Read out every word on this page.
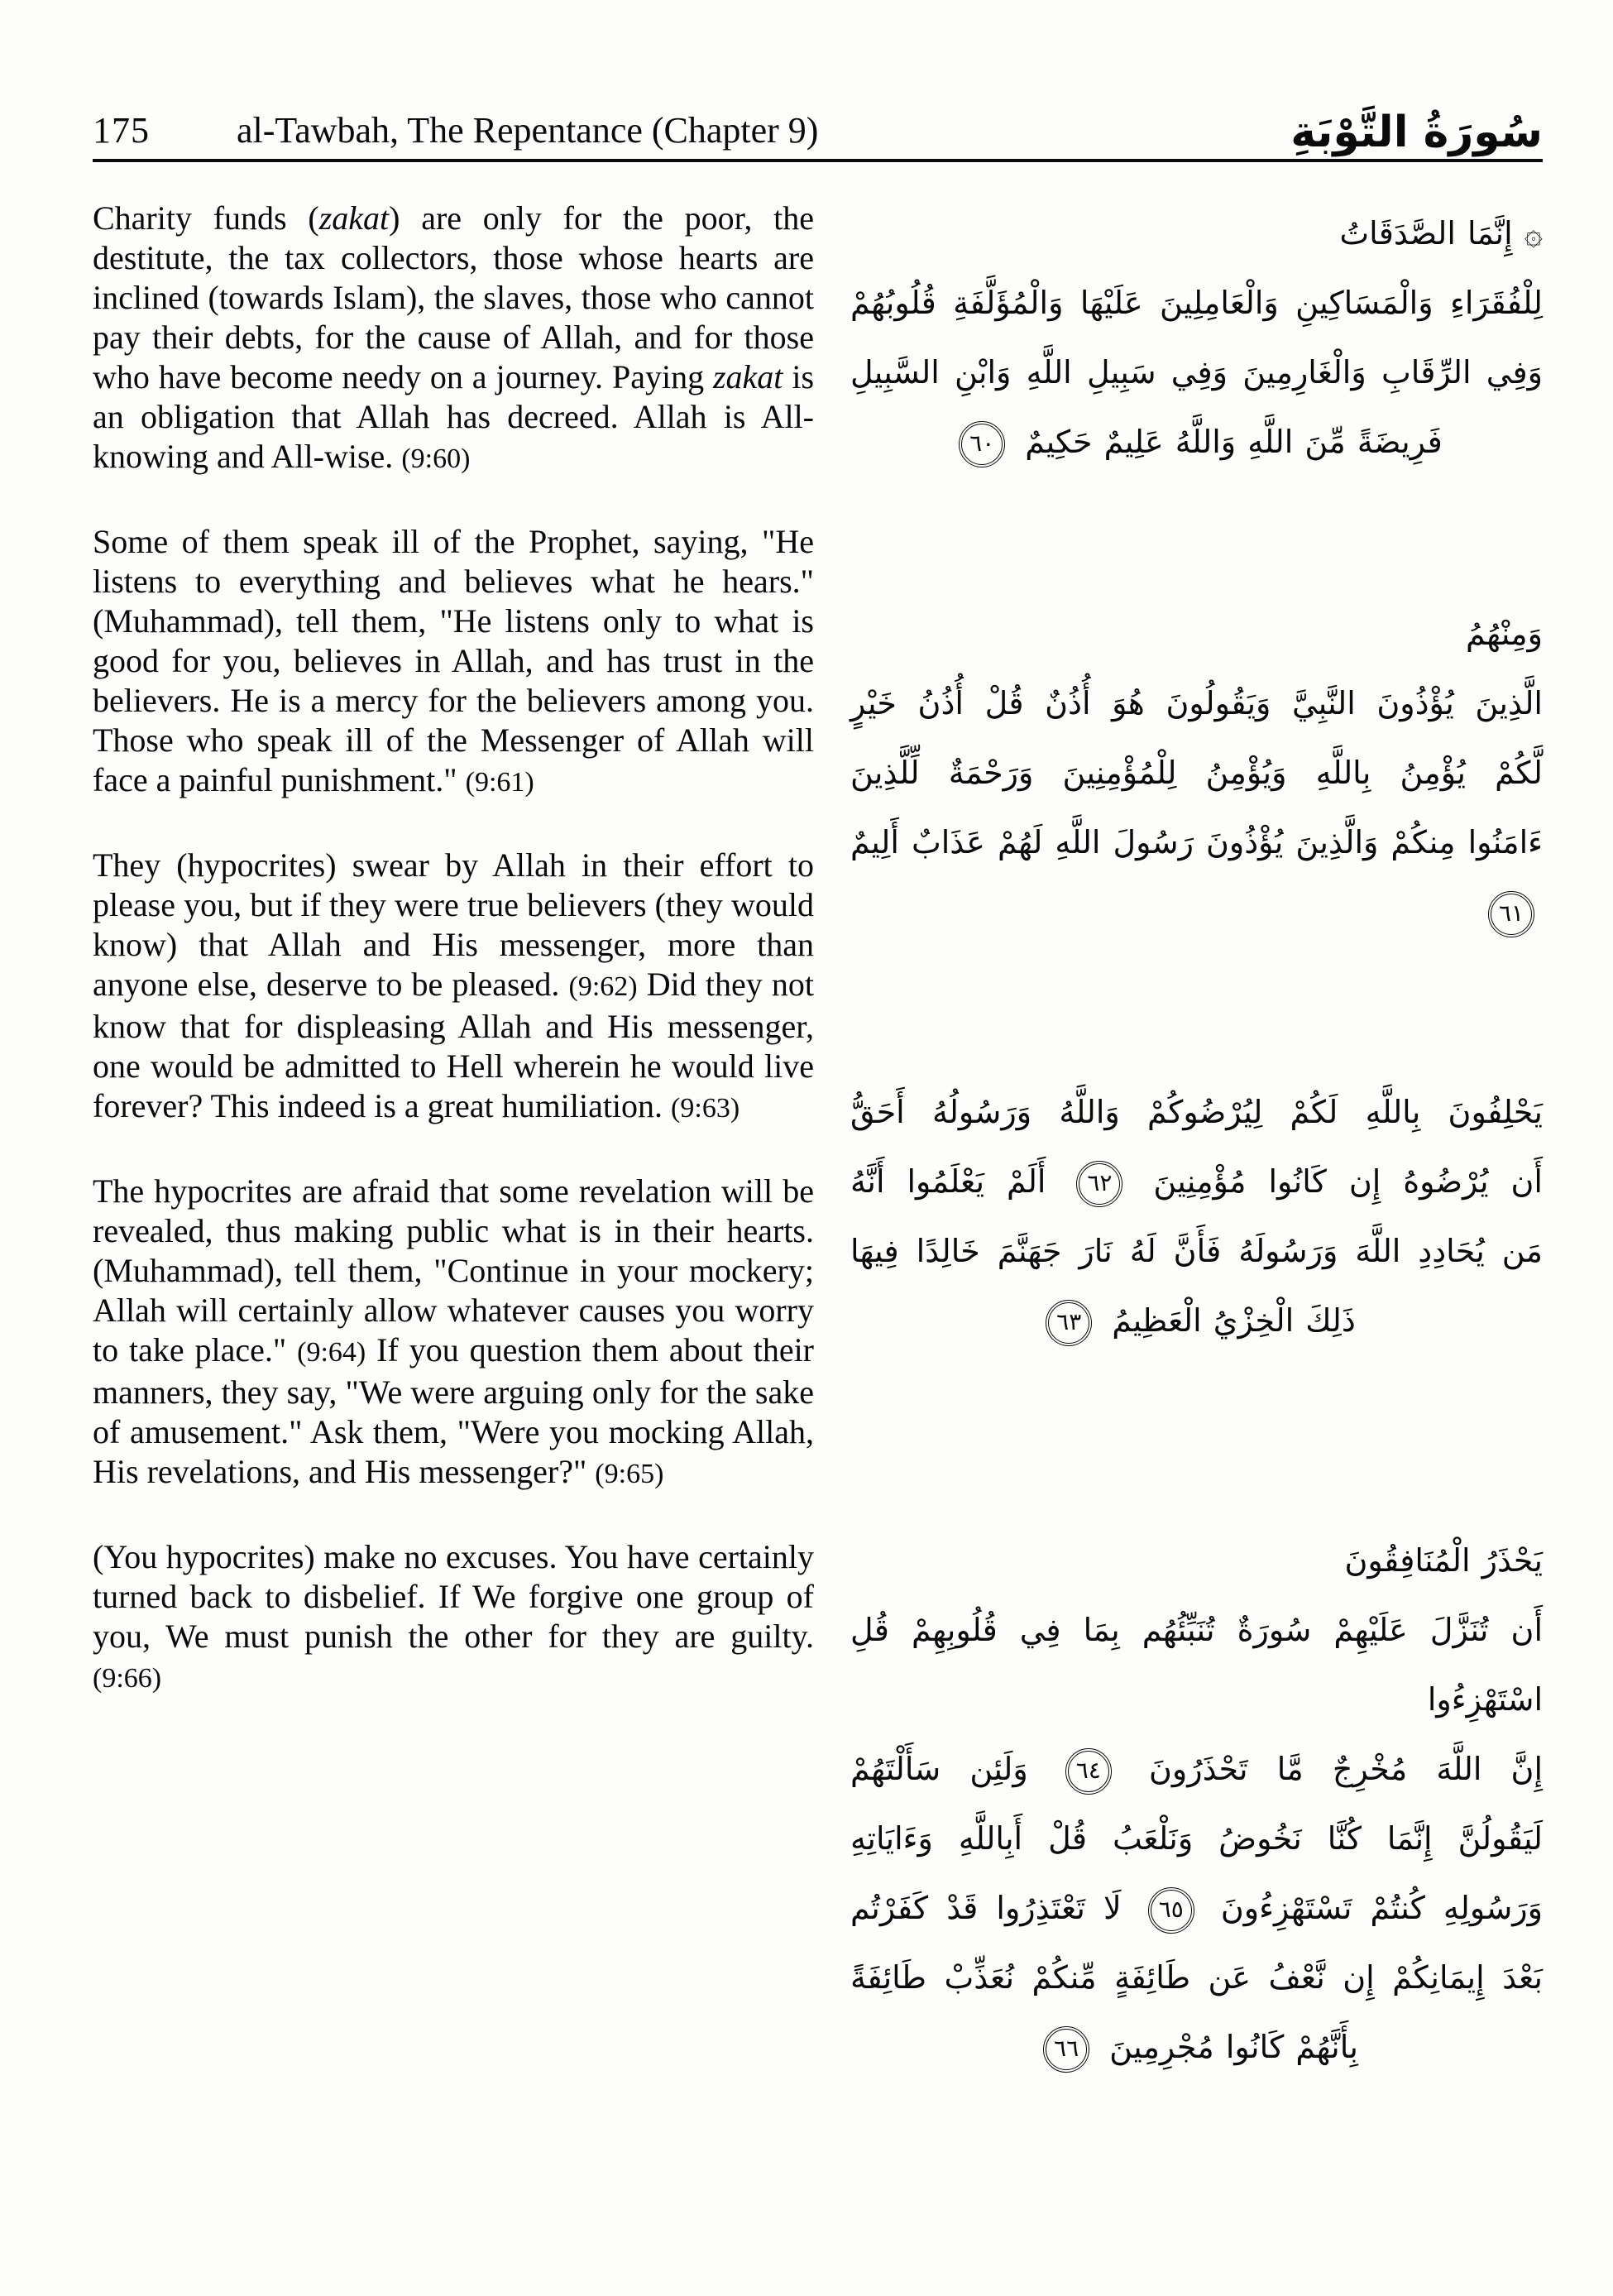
175 al-Tawbah, The Repentance (Chapter 9)	سُورَةُ التَّوْبَةِ

Charity funds (zakat) are only for the poor, the destitute, the tax collectors, those whose hearts are inclined (towards Islam), the slaves, those who cannot pay their debts, for the cause of Allah, and for those who have become needy on a journey. Paying zakat is an obligation that Allah has decreed. Allah is All-knowing and All-wise. (9:60)

Some of them speak ill of the Prophet, saying, "He listens to everything and believes what he hears." (Muhammad), tell them, "He listens only to what is good for you, believes in Allah, and has trust in the believers. He is a mercy for the believers among you. Those who speak ill of the Messenger of Allah will face a painful punishment." (9:61)

They (hypocrites) swear by Allah in their effort to please you, but if they were true believers (they would know) that Allah and His messenger, more than anyone else, deserve to be pleased. (9:62) Did they not know that for displeasing Allah and His messenger, one would be admitted to Hell wherein he would live forever? This indeed is a great humiliation. (9:63)

The hypocrites are afraid that some revelation will be revealed, thus making public what is in their hearts. (Muhammad), tell them, "Continue in your mockery; Allah will certainly allow whatever causes you worry to take place." (9:64) If you question them about their manners, they say, "We were arguing only for the sake of amusement." Ask them, "Were you mocking Allah, His revelations, and His messenger?" (9:65)

(You hypocrites) make no excuses. You have certainly turned back to disbelief. If We forgive one group of you, We must punish the other for they are guilty. (9:66)

۞ إِنَّمَا الصَّدَقَاتُ
لِلْفُقَرَاءِ وَالْمَسَاكِينِ وَالْعَامِلِينَ عَلَيْهَا وَالْمُؤَلَّفَةِ قُلُوبُهُمْ
وَفِي الرِّقَابِ وَالْغَارِمِينَ وَفِي سَبِيلِ اللَّهِ وَابْنِ السَّبِيلِ
فَرِيضَةً مِّنَ اللَّهِ وَاللَّهُ عَلِيمٌ حَكِيمٌ ٦٠
وَمِنْهُمُ
الَّذِينَ يُؤْذُونَ النَّبِيَّ وَيَقُولُونَ هُوَ أُذُنٌ قُلْ أُذُنُ خَيْرٍ
لَّكُمْ يُؤْمِنُ بِاللَّهِ وَيُؤْمِنُ لِلْمُؤْمِنِينَ وَرَحْمَةٌ لِّلَّذِينَ
ءَامَنُوا مِنكُمْ وَالَّذِينَ يُؤْذُونَ رَسُولَ اللَّهِ لَهُمْ عَذَابٌ أَلِيمٌ ٦١
يَحْلِفُونَ بِاللَّهِ لَكُمْ لِيُرْضُوكُمْ وَاللَّهُ وَرَسُولُهُ أَحَقُّ
أَن يُرْضُوهُ إِن كَانُوا مُؤْمِنِينَ ٦٢ أَلَمْ يَعْلَمُوا أَنَّهُ
مَن يُحَادِدِ اللَّهَ وَرَسُولَهُ فَأَنَّ لَهُ نَارَ جَهَنَّمَ خَالِدًا فِيهَا
ذَلِكَ الْخِزْيُ الْعَظِيمُ ٦٣
يَحْذَرُ الْمُنَافِقُونَ
أَن تُنَزَّلَ عَلَيْهِمْ سُورَةٌ تُنَبِّئُهُم بِمَا فِي قُلُوبِهِمْ قُلِ اسْتَهْزِءُوا
إِنَّ اللَّهَ مُخْرِجٌ مَّا تَحْذَرُونَ ٦٤ وَلَئِن سَأَلْتَهُمْ
لَيَقُولُنَّ إِنَّمَا كُنَّا نَخُوضُ وَنَلْعَبُ قُلْ أَبِاللَّهِ وَءَايَاتِهِ
وَرَسُولِهِ كُنتُمْ تَسْتَهْزِءُونَ ٦٥ لَا تَعْتَذِرُوا قَدْ كَفَرْتُم
بَعْدَ إِيمَانِكُمْ إِن نَّعْفُ عَن طَائِفَةٍ مِّنكُمْ نُعَذِّبْ طَائِفَةً
بِأَنَّهُمْ كَانُوا مُجْرِمِينَ ٦٦
